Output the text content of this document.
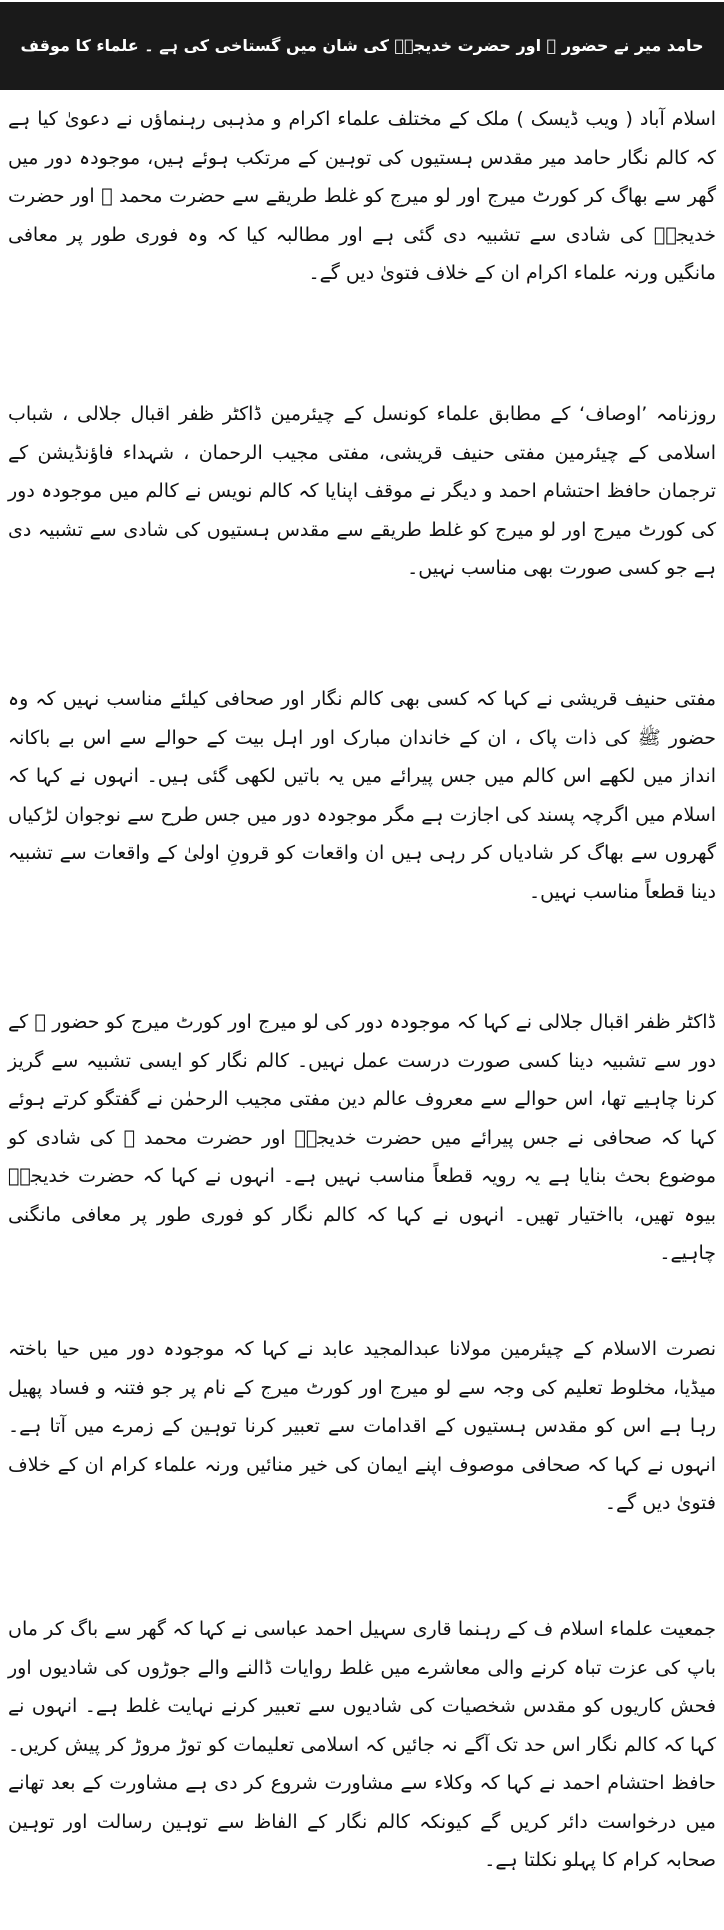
حامد میر نے حضور ﷺ اور حضرت خدیجہؓ کی شان میں گستاخی کی ہے ۔ علماء کا موقف

اسلام آباد ( ویب ڈیسک ) ملک کے مختلف علماء اکرام و مذہبی رہنماؤں نے دعویٰ کیا ہے کہ کالم نگار حامد میر مقدس ہستیوں کی توہین کے مرتکب ہوئے ہیں، موجودہ دور میں گھر سے بھاگ کر کورٹ میرج اور لو میرج کو غلط طریقے سے حضرت محمد ﷺ اور حضرت خدیجہؓ کی شادی سے تشبیہ دی گئی ہے اور مطالبہ کیا کہ وہ فوری طور پر معافی مانگیں ورنہ علماء اکرام ان کے خلاف فتویٰ دیں گے۔

روزنامہ ’اوصاف‘ کے مطابق علماء کونسل کے چیئرمین ڈاکٹر ظفر اقبال جلالی ، شباب اسلامی کے چیئرمین مفتی حنیف قریشی، مفتی مجیب الرحمان ، شہداء فاؤنڈیشن کے ترجمان حافظ احتشام احمد و دیگر نے موقف اپنایا کہ کالم نویس نے کالم میں موجودہ دور کی کورٹ میرج اور لو میرج کو غلط طریقے سے مقدس ہستیوں کی شادی سے تشبیہ دی ہے جو کسی صورت بھی مناسب نہیں۔

مفتی حنیف قریشی نے کہا کہ کسی بھی کالم نگار اور صحافی کیلئے مناسب نہیں کہ وہ حضور ﷺ کی ذات پاک ، ان کے خاندان مبارک اور اہل بیت کے حوالے سے اس بے باکانہ انداز میں لکھے اس کالم میں جس پیرائے میں یہ باتیں لکھی گئی ہیں۔ انہوں نے کہا کہ اسلام میں اگرچہ پسند کی اجازت ہے مگر موجودہ دور میں جس طرح سے نوجوان لڑکیاں گھروں سے بھاگ کر شادیاں کر رہی ہیں ان واقعات کو قرونِ اولیٰ کے واقعات سے تشبیہ دینا قطعاً مناسب نہیں۔

ڈاکٹر ظفر اقبال جلالی نے کہا کہ موجودہ دور کی لو میرج اور کورٹ میرج کو حضور ﷺ کے دور سے تشبیہ دینا کسی صورت درست عمل نہیں۔ کالم نگار کو ایسی تشبیہ سے گریز کرنا چاہیے تھا، اس حوالے سے معروف عالم دین مفتی مجیب الرحمٰن نے گفتگو کرتے ہوئے کہا کہ صحافی نے جس پیرائے میں حضرت خدیجہؓ اور حضرت محمد ﷺ کی شادی کو موضوع بحث بنایا ہے یہ رویہ قطعاً مناسب نہیں ہے۔ انہوں نے کہا کہ حضرت خدیجہؓ بیوہ تھیں، بااختیار تھیں۔ انہوں نے کہا کہ کالم نگار کو فوری طور پر معافی مانگنی چاہیے۔

نصرت الاسلام کے چیئرمین مولانا عبدالمجید عابد نے کہا کہ موجودہ دور میں حیا باختہ میڈیا، مخلوط تعلیم کی وجہ سے لو میرج اور کورٹ میرج کے نام پر جو فتنہ و فساد پھیل رہا ہے اس کو مقدس ہستیوں کے اقدامات سے تعبیر کرنا توہین کے زمرے میں آتا ہے۔ انہوں نے کہا کہ صحافی موصوف اپنے ایمان کی خیر منائیں ورنہ علماء کرام ان کے خلاف فتویٰ دیں گے۔

جمعیت علماء اسلام ف کے رہنما قاری سہیل احمد عباسی نے کہا کہ گھر سے باگ کر ماں باپ کی عزت تباہ کرنے والی معاشرے میں غلط روایات ڈالنے والے جوڑوں کی شادیوں اور فحش کاریوں کو مقدس شخصیات کی شادیوں سے تعبیر کرنے نہایت غلط ہے۔ انہوں نے کہا کہ کالم نگار اس حد تک آگے نہ جائیں کہ اسلامی تعلیمات کو توڑ مروڑ کر پیش کریں۔ حافظ احتشام احمد نے کہا کہ وکلاء سے مشاورت شروع کر دی ہے مشاورت کے بعد تھانے میں درخواست دائر کریں گے کیونکہ کالم نگار کے الفاظ سے توہین رسالت اور توہین صحابہ کرام کا پہلو نکلتا ہے۔
